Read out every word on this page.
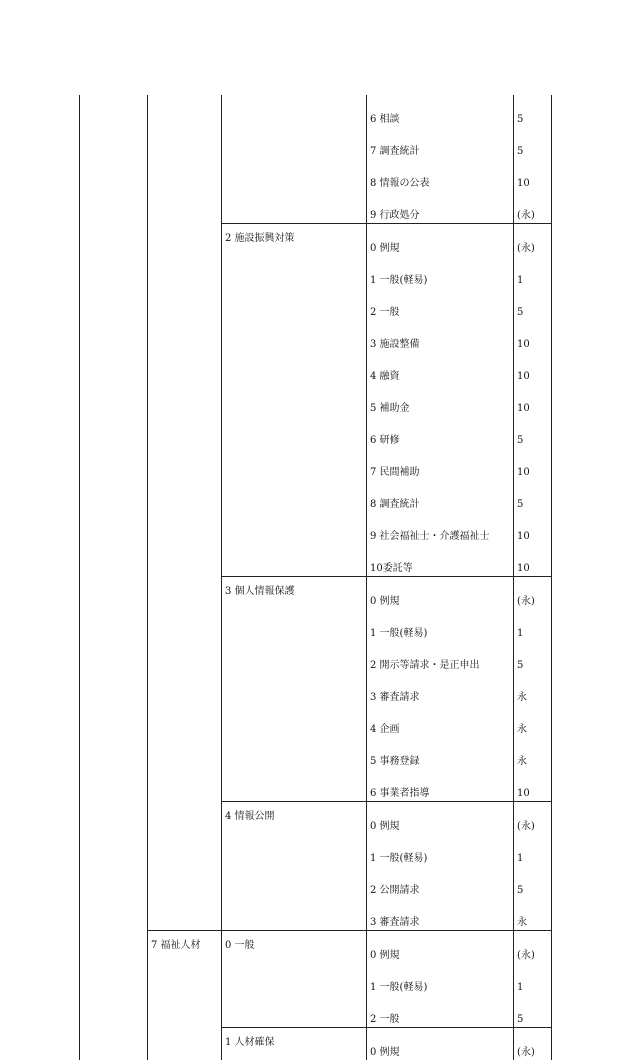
			6 相談	5
			7 調査統計	5
			8 情報の公表	10
			9 行政処分	(永)
		2 施設振興対策	0 例規	(永)
			1 一般(軽易)	1
			2 一般	5
			3 施設整備	10
			4 融資	10
			5 補助金	10
			6 研修	5
			7 民間補助	10
			8 調査統計	5
			9 社会福祉士・介護福祉士	10
			10委託等	10
		3 個人情報保護	0 例規	(永)
			1 一般(軽易)	1
			2 開示等請求・是正申出	5
			3 審査請求	永
			4 企画	永
			5 事務登録	永
			6 事業者指導	10
		4 情報公開	0 例規	(永)
			1 一般(軽易)	1
			2 公開請求	5
			3 審査請求	永
	7 福祉人材	0 一般	0 例規	(永)
			1 一般(軽易)	1
			2 一般	5
		1 人材確保	0 例規	(永)
